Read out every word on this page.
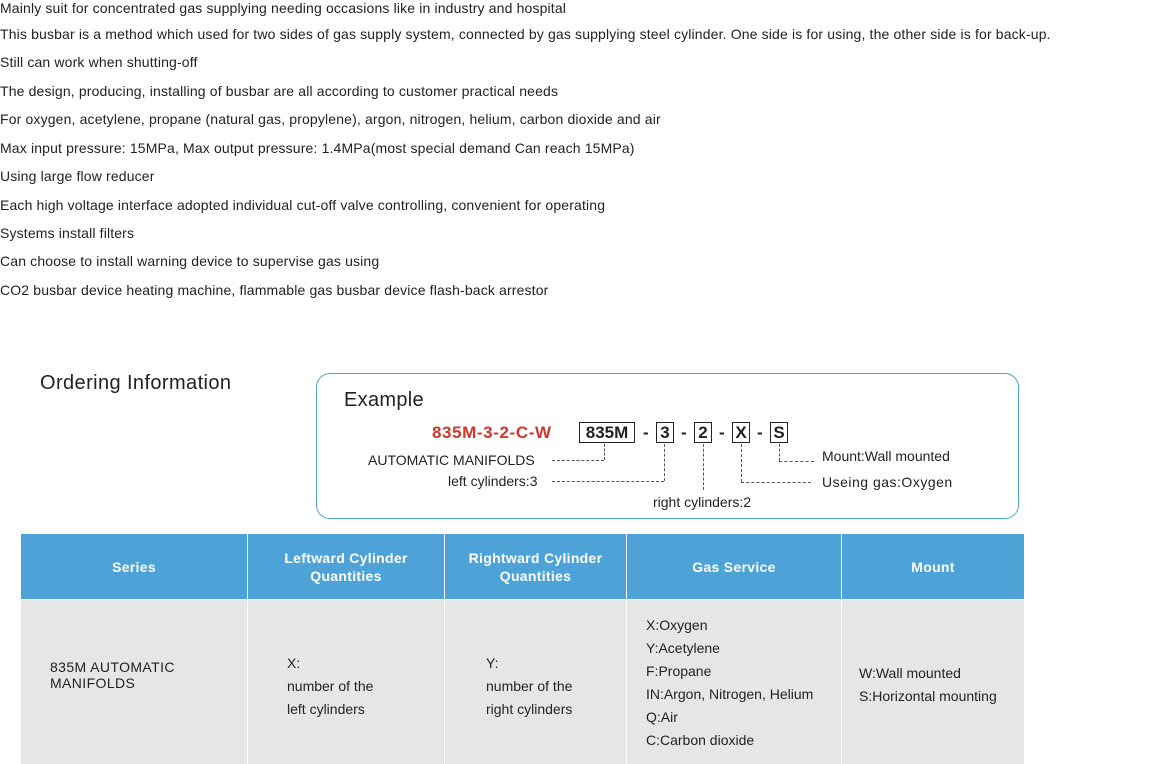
Mainly suit for concentrated gas supplying needing occasions like in industry and hospital
This busbar is a method which used for two sides of gas supply system, connected by gas supplying steel cylinder. One side is for using, the other side is for back-up.
Still can work when shutting-off
The design, producing, installing of busbar are all according to customer practical needs
For oxygen, acetylene, propane (natural gas, propylene), argon, nitrogen, helium, carbon dioxide and air
Max input pressure: 15MPa, Max output pressure: 1.4MPa(most special demand Can reach 15MPa)
Using large flow reducer
Each high voltage interface adopted individual cut-off valve controlling, convenient for operating
Systems install filters
Can choose to install warning device to supervise gas using
CO2 busbar device heating machine, flammable gas busbar device flash-back arrestor
Ordering Information
Example
835M-3-2-C-W	835M - 3 - 2 - X - S
AUTOMATIC MANIFOLDS
left cylinders:3
right cylinders:2
Useing gas:Oxygen
Mount:Wall mounted
Series
Leftward Cylinder
Quantities
Rightward Cylinder
Quantities
Gas Service	Mount
835M AUTOMATIC
MANIFOLDS
X:
number of the
left cylinders
Y:
number of the
right cylinders
X:Oxygen
Y:Acetylene
F:Propane
IN:Argon, Nitrogen, Helium
Q:Air
C:Carbon dioxide
W:Wall mounted
S:Horizontal mounting
